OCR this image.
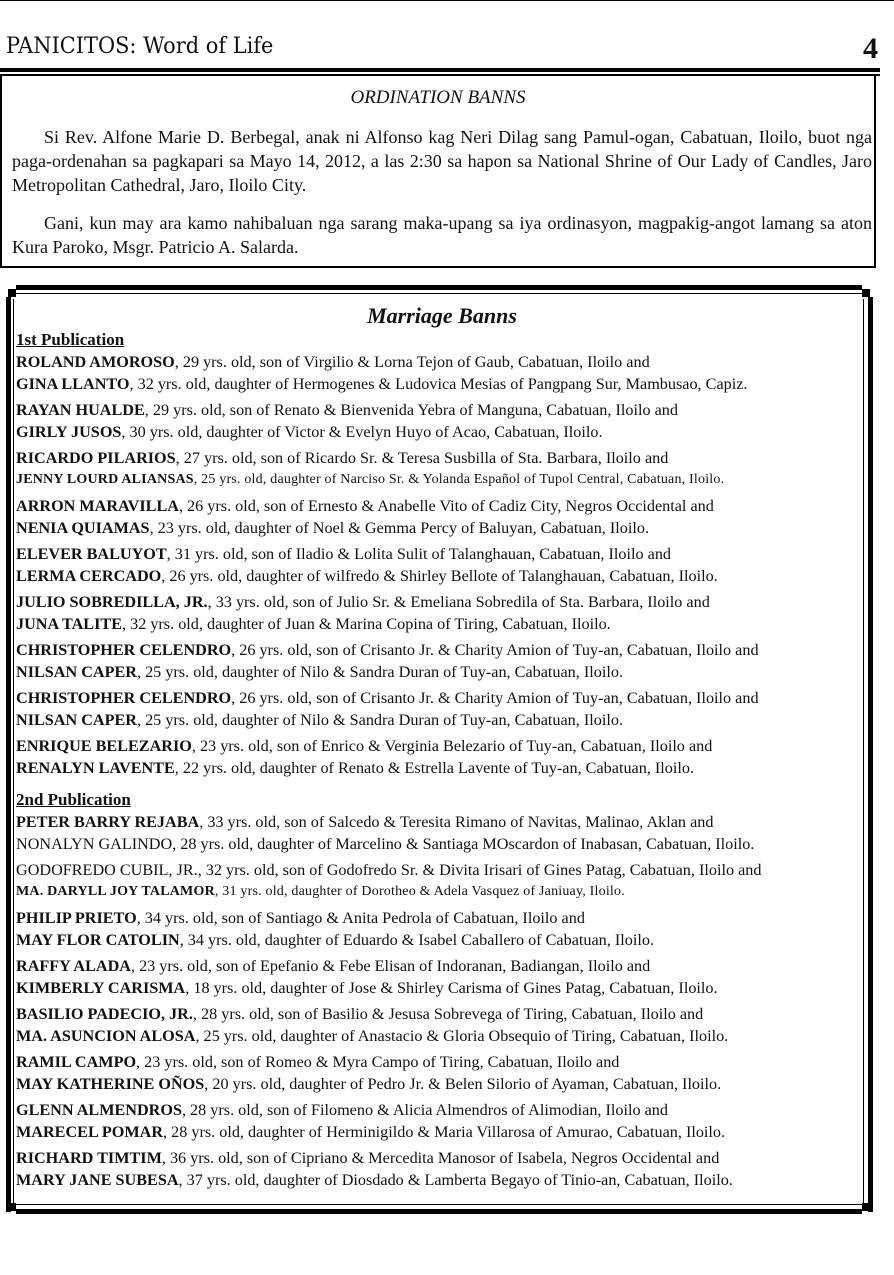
PANICITOS: Word of Life	4
ORDINATION BANNS
Si Rev. Alfone Marie D. Berbegal, anak ni Alfonso kag Neri Dilag sang Pamul-ogan, Cabatuan, Iloilo, buot nga paga-ordenahan sa pagkapari sa Mayo 14, 2012, a las 2:30 sa hapon sa National Shrine of Our Lady of Candles, Jaro Metropolitan Cathedral, Jaro, Iloilo City.
Gani, kun may ara kamo nahibaluan nga sarang maka-upang sa iya ordinasyon, magpakig-angot lamang sa aton Kura Paroko, Msgr. Patricio A. Salarda.
Marriage Banns
1st Publication
ROLAND AMOROSO, 29 yrs. old, son of Virgilio & Lorna Tejon of Gaub, Cabatuan, Iloilo and
GINA LLANTO, 32 yrs. old, daughter of Hermogenes & Ludovica Mesias of Pangpang Sur, Mambusao, Capiz.
RAYAN HUALDE, 29 yrs. old, son of Renato & Bienvenida Yebra of Manguna, Cabatuan, Iloilo and
GIRLY JUSOS, 30 yrs. old, daughter of Victor & Evelyn Huyo of Acao, Cabatuan, Iloilo.
RICARDO PILARIOS, 27 yrs. old, son of Ricardo Sr. & Teresa Susbilla of Sta. Barbara, Iloilo and
JENNY LOURD ALIANSAS, 25 yrs. old, daughter of Narciso Sr. & Yolanda Español of Tupol Central, Cabatuan, Iloilo.
ARRON MARAVILLA, 26 yrs. old, son of Ernesto & Anabelle Vito of Cadiz City, Negros Occidental and
NENIA QUIAMAS, 23 yrs. old, daughter of Noel & Gemma Percy of Baluyan, Cabatuan, Iloilo.
ELEVER BALUYOT, 31 yrs. old, son of Iladio & Lolita Sulit of Talanghauan, Cabatuan, Iloilo and
LERMA CERCADO, 26 yrs. old, daughter of wilfredo & Shirley Bellote of Talanghauan, Cabatuan, Iloilo.
JULIO SOBREDILLA, JR., 33 yrs. old, son of Julio Sr. & Emeliana Sobredila of Sta. Barbara, Iloilo and
JUNA TALITE, 32 yrs. old, daughter of Juan & Marina Copina of Tiring, Cabatuan, Iloilo.
CHRISTOPHER CELENDRO, 26 yrs. old, son of Crisanto Jr. & Charity Amion of Tuy-an, Cabatuan, Iloilo and
NILSAN CAPER, 25 yrs. old, daughter of Nilo & Sandra Duran of Tuy-an, Cabatuan, Iloilo.
CHRISTOPHER CELENDRO, 26 yrs. old, son of Crisanto Jr. & Charity Amion of Tuy-an, Cabatuan, Iloilo and
NILSAN CAPER, 25 yrs. old, daughter of Nilo & Sandra Duran of Tuy-an, Cabatuan, Iloilo.
ENRIQUE BELEZARIO, 23 yrs. old, son of Enrico & Verginia Belezario of Tuy-an, Cabatuan, Iloilo and
RENALYN LAVENTE, 22 yrs. old, daughter of Renato & Estrella Lavente of Tuy-an, Cabatuan, Iloilo.
2nd Publication
PETER BARRY REJABA, 33 yrs. old, son of Salcedo & Teresita Rimano of Navitas, Malinao, Aklan and
NONALYN GALINDO, 28 yrs. old, daughter of Marcelino & Santiaga MOscardon of Inabasan, Cabatuan, Iloilo.
GODOFREDO CUBIL, JR., 32 yrs. old, son of Godofredo Sr. & Divita Irisari of Gines Patag, Cabatuan, Iloilo and
MA. DARYLL JOY TALAMOR, 31 yrs. old, daughter of Dorotheo & Adela Vasquez of Janiuay, Iloilo.
PHILIP PRIETO, 34 yrs. old, son of Santiago & Anita Pedrola of Cabatuan, Iloilo and
MAY FLOR CATOLIN, 34 yrs. old, daughter of Eduardo & Isabel Caballero of Cabatuan, Iloilo.
RAFFY ALADA, 23 yrs. old, son of Epefanio & Febe Elisan of Indoranan, Badiangan, Iloilo and
KIMBERLY CARISMA, 18 yrs. old, daughter of Jose & Shirley Carisma of Gines Patag, Cabatuan, Iloilo.
BASILIO PADECIO, JR., 28 yrs. old, son of Basilio & Jesusa Sobrevega of Tiring, Cabatuan, Iloilo and
MA. ASUNCION ALOSA, 25 yrs. old, daughter of Anastacio & Gloria Obsequio of Tiring, Cabatuan, Iloilo.
RAMIL CAMPO, 23 yrs. old, son of Romeo & Myra Campo of Tiring, Cabatuan, Iloilo and
MAY KATHERINE OÑOS, 20 yrs. old, daughter of Pedro Jr. & Belen Silorio of Ayaman, Cabatuan, Iloilo.
GLENN ALMENDROS, 28 yrs. old, son of Filomeno & Alicia Almendros of Alimodian, Iloilo and
MARECEL POMAR, 28 yrs. old, daughter of Herminigildo & Maria Villarosa of Amurao, Cabatuan, Iloilo.
RICHARD TIMTIM, 36 yrs. old, son of Cipriano & Mercedita Manosor of Isabela, Negros Occidental and
MARY JANE SUBESA, 37 yrs. old, daughter of Diosdado & Lamberta Begayo of Tinio-an, Cabatuan, Iloilo.
